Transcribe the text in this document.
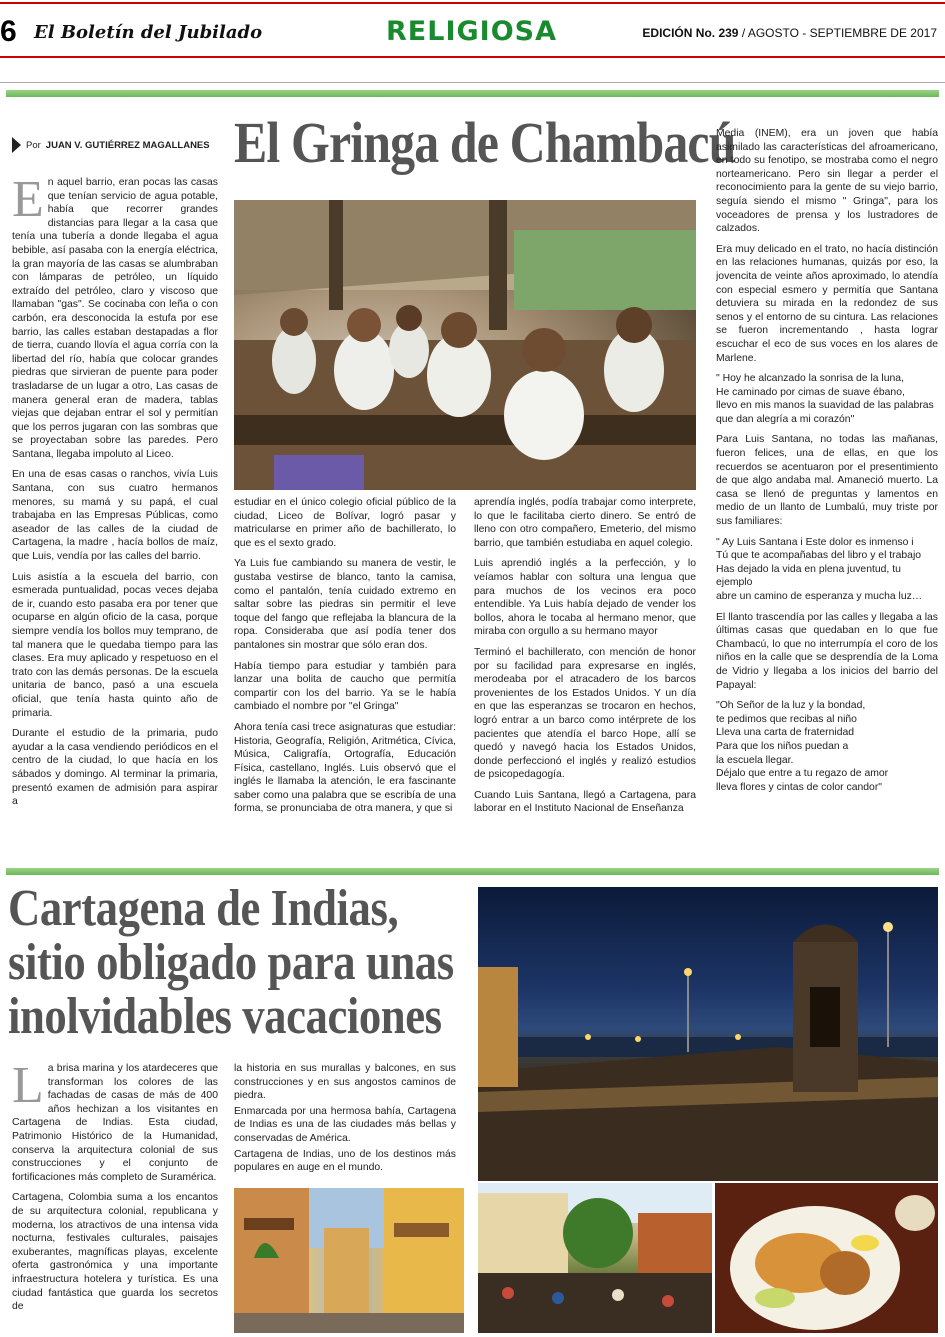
6 El Boletín del Jubilado	RELIGIOSA	EDICIÓN No. 239 / AGOSTO - SEPTIEMBRE DE 2017
Por JUAN V. GUTIÉRREZ MAGALLANES El Gringa de Chambacú

En aquel barrio, eran pocas las casas que tenían servicio de agua potable, había que recorrer grandes distancias para llegar a la casa que tenía una tubería a donde llegaba el agua bebible, así pasaba con la energía eléctrica, la gran mayoría de las casas se alumbraban con lámparas de petróleo, un líquido extraído del petróleo, claro y viscoso que llamaban "gas". Se cocinaba con leña o con carbón, era desconocida la estufa por ese barrio, las calles estaban destapadas a flor de tierra, cuando llovía el agua corría con la libertad del río, había que colocar grandes piedras que sirvieran de puente para poder trasladarse de un lugar a otro, Las casas de manera general eran de madera, tablas viejas que dejaban entrar el sol y permitían que los perros jugaran con las sombras que se proyectaban sobre las paredes. Pero Santana, llegaba impoluto al Liceo.

En una de esas casas o ranchos, vivía Luis Santana, con sus cuatro hermanos menores, su mamá y su papá, el cual trabajaba en las Empresas Públicas, como aseador de las calles de la ciudad de Cartagena, la madre , hacía bollos de maíz, que Luis, vendía por las calles del barrio.

Luis asistía a la escuela del barrio, con esmerada puntualidad, pocas veces dejaba de ir, cuando esto pasaba era por tener que ocuparse en algún oficio de la casa, porque siempre vendía los bollos muy temprano, de tal manera que le quedaba tiempo para las clases. Era muy aplicado y respetuoso en el trato con las demás personas. De la escuela unitaria de banco, pasó a una escuela oficial, que tenía hasta quinto año de primaria.

Durante el estudio de la primaria, pudo ayudar a la casa vendiendo periódicos en el centro de la ciudad, lo que hacía en los sábados y domingo. Al terminar la primaria, presentó examen de admisión para aspirar a

estudiar en el único colegio oficial público de la ciudad, Liceo de Bolívar, logró pasar y matricularse en primer año de bachillerato, lo que es el sexto grado.

Ya Luis fue cambiando su manera de vestir, le gustaba vestirse de blanco, tanto la camisa, como el pantalón, tenía cuidado extremo en saltar sobre las piedras sin permitir el leve toque del fango que reflejaba la blancura de la ropa. Consideraba que así podía tener dos pantalones sin mostrar que sólo eran dos.

Había tiempo para estudiar y también para lanzar una bolita de caucho que permitía compartir con los del barrio. Ya se le había cambiado el nombre por "el Gringa"

Ahora tenía casi trece asignaturas que estudiar: Historia, Geografía, Religión, Aritmética, Cívica, Música, Caligrafía, Ortografía, Educación Física, castellano, Inglés. Luis observó que el inglés le llamaba la atención, le era fascinante saber como una palabra que se escribía de una forma, se pronunciaba de otra manera, y que si

aprendía inglés, podía trabajar como interprete, lo que le facilitaba cierto dinero. Se entró de lleno con otro compañero, Emeterio, del mismo barrio, que también estudiaba en aquel colegio.

Luis aprendió inglés a la perfección, y lo veíamos hablar con soltura una lengua que para muchos de los vecinos era poco entendible. Ya Luis había dejado de vender los bollos, ahora le tocaba al hermano menor, que miraba con orgullo a su hermano mayor

Terminó el bachillerato, con mención de honor por su facilidad para expresarse en inglés, merodeaba por el atracadero de los barcos provenientes de los Estados Unidos. Y un día en que las esperanzas se trocaron en hechos, logró entrar a un barco como intérprete de los pacientes que atendía el barco Hope, allí se quedó y navegó hacia los Estados Unidos, donde perfeccionó el inglés y realizó estudios de psicopedagogía.

Cuando Luis Santana, llegó a Cartagena, para laborar en el Instituto Nacional de Enseñanza

Media (INEM), era un joven que había asimilado las características del afroamericano, en todo su fenotipo, se mostraba como el negro norteamericano. Pero sin llegar a perder el reconocimiento para la gente de su viejo barrio, seguía siendo el mismo " Gringa", para los voceadores de prensa y los lustradores de calzados.

Era muy delicado en el trato, no hacía distinción en las relaciones humanas, quizás por eso, la jovencita de veinte años aproximado, lo atendía con especial esmero y permitía que Santana detuviera su mirada en la redondez de sus senos y el entorno de su cintura. Las relaciones se fueron incrementando , hasta lograr escuchar el eco de sus voces en los alares de Marlene.

" Hoy he alcanzado la sonrisa de la luna,
He caminado por cimas de suave ébano,
llevo en mis manos la suavidad de las palabras
que dan alegría a mi corazón"

Para Luis Santana, no todas las mañanas, fueron felices, una de ellas, en que los recuerdos se acentuaron por el presentimiento de que algo andaba mal. Amaneció muerto. La casa se llenó de preguntas y lamentos en medio de un llanto de Lumbalú, muy triste por sus familiares:

" Ay Luis Santana i Este dolor es inmenso i
Tú que te acompañabas del libro y el trabajo
Has dejado la vida en plena juventud, tu ejemplo
abre un camino de esperanza y mucha luz…

El llanto trascendía por las calles y llegaba a las últimas casas que quedaban en lo que fue Chambacú, lo que no interrumpía el coro de los niños en la calle que se desprendía de la Loma de Vidrio y llegaba a los inicios del barrio del Papayal:

"Oh Señor de la luz y la bondad,
te pedimos que recibas al niño
Lleva una carta de fraternidad
Para que los niños puedan a
la escuela llegar.
Déjalo que entre a tu regazo de amor
lleva flores y cintas de color candor"

Cartagena de Indias,
sitio obligado para unas
inolvidables vacaciones

La brisa marina y los atardeceres que transforman los colores de las fachadas de casas de más de 400 años hechizan a los visitantes en Cartagena de Indias. Esta ciudad, Patrimonio Histórico de la Humanidad, conserva la arquitectura colonial de sus construcciones y el conjunto de fortificaciones más completo de Suramérica.

Cartagena, Colombia suma a los encantos de su arquitectura colonial, republicana y moderna, los atractivos de una intensa vida nocturna, festivales culturales, paisajes exuberantes, magníficas playas, excelente oferta gastronómica y una importante infraestructura hotelera y turística. Es una ciudad fantástica que guarda los secretos de

la historia en sus murallas y balcones, en sus construcciones y en sus angostos caminos de piedra.

Enmarcada por una hermosa bahía, Cartagena de Indias es una de las ciudades más bellas y conservadas de América.

Cartagena de Indias, uno de los destinos más populares en auge en el mundo.
